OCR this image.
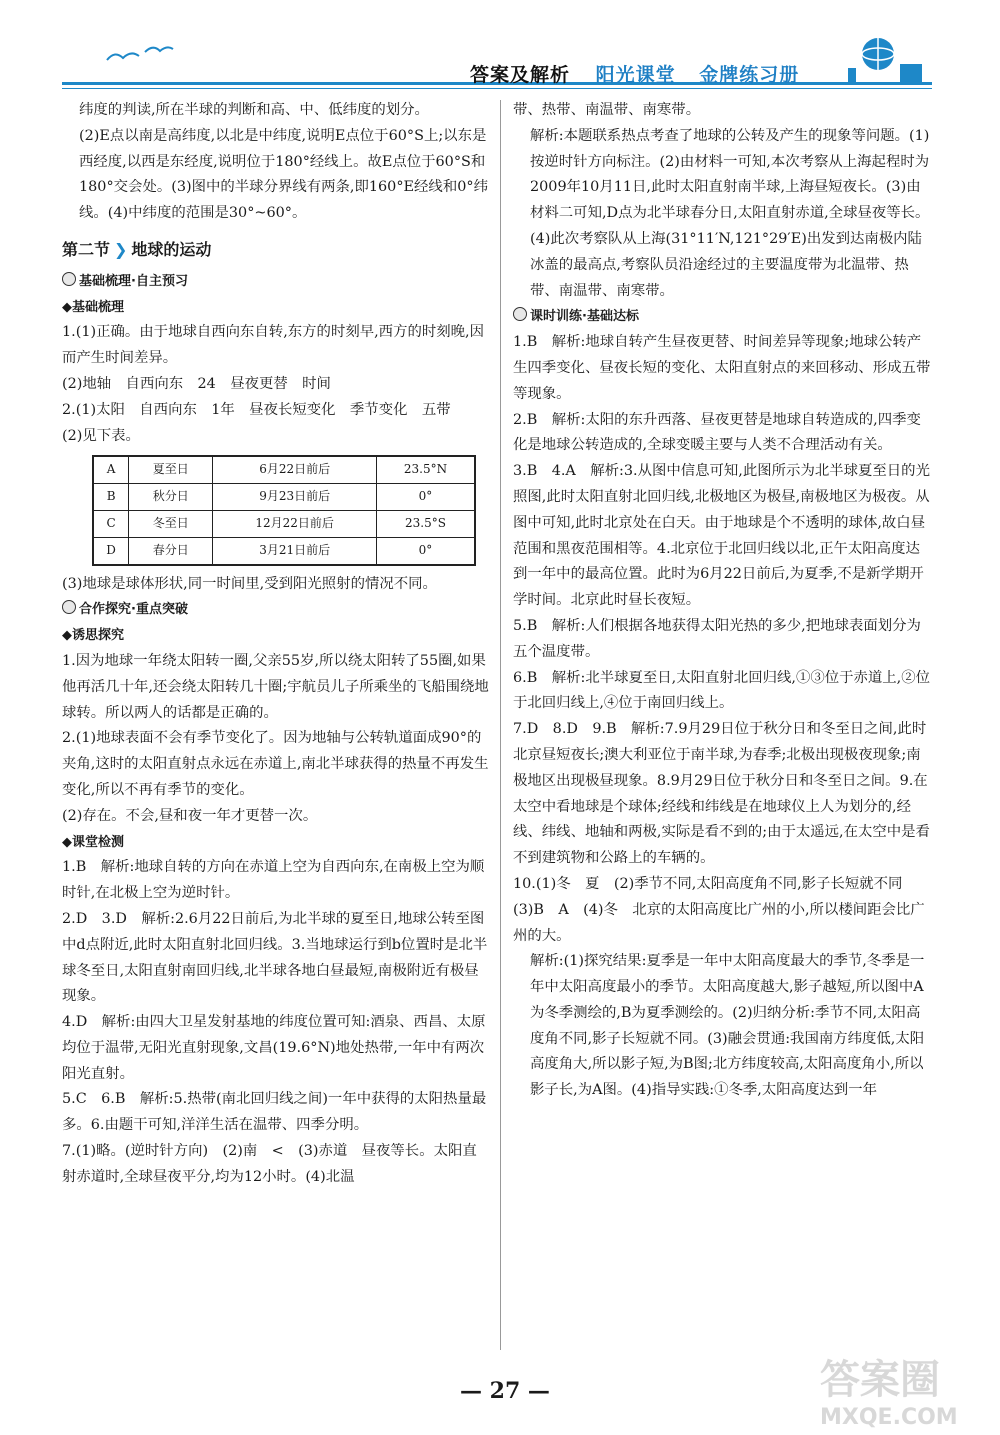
答案及解析 阳光课堂 金牌练习册

纬度的判读,所在半球的判断和高、中、低纬度的划分。

(2)E点以南是高纬度,以北是中纬度,说明E点位于60°S上;以东是西经度,以西是东经度,说明位于180°经线上。故E点位于60°S和180°交会处。(3)图中的半球分界线有两条,即160°E经线和0°纬线。(4)中纬度的范围是30°~60°。

第二节 ❯ 地球的运动

基础梳理·自主预习

◆基础梳理

1.(1)正确。由于地球自西向东自转,东方的时刻早,西方的时刻晚,因而产生时间差异。

(2)地轴　自西向东　24　昼夜更替　时间

2.(1)太阳　自西向东　1年　昼夜长短变化　季节变化　五带

(2)见下表。

A	夏至日	6月22日前后	23.5°N
B	秋分日	9月23日前后	0°
C	冬至日	12月22日前后	23.5°S
D	春分日	3月21日前后	0°

(3)地球是球体形状,同一时间里,受到阳光照射的情况不同。

合作探究·重点突破

◆诱思探究

1.因为地球一年绕太阳转一圈,父亲55岁,所以绕太阳转了55圈,如果他再活几十年,还会绕太阳转几十圈;宇航员儿子所乘坐的飞船围绕地球转。所以两人的话都是正确的。

2.(1)地球表面不会有季节变化了。因为地轴与公转轨道面成90°的夹角,这时的太阳直射点永远在赤道上,南北半球获得的热量不再发生变化,所以不再有季节的变化。

(2)存在。不会,昼和夜一年才更替一次。

◆课堂检测

1.B　解析:地球自转的方向在赤道上空为自西向东,在南极上空为顺时针,在北极上空为逆时针。

2.D　3.D　解析:2.6月22日前后,为北半球的夏至日,地球公转至图中d点附近,此时太阳直射北回归线。3.当地球运行到b位置时是北半球冬至日,太阳直射南回归线,北半球各地白昼最短,南极附近有极昼现象。

4.D　解析:由四大卫星发射基地的纬度位置可知:酒泉、西昌、太原均位于温带,无阳光直射现象,文昌(19.6°N)地处热带,一年中有两次阳光直射。

5.C　6.B　解析:5.热带(南北回归线之间)一年中获得的太阳热量最多。6.由题干可知,洋洋生活在温带、四季分明。

7.(1)略。(逆时针方向)　(2)南　<　(3)赤道　昼夜等长。太阳直射赤道时,全球昼夜平分,均为12小时。(4)北温

带、热带、南温带、南寒带。

解析:本题联系热点考查了地球的公转及产生的现象等问题。(1)按逆时针方向标注。(2)由材料一可知,本次考察从上海起程时为2009年10月11日,此时太阳直射南半球,上海昼短夜长。(3)由材料二可知,D点为北半球春分日,太阳直射赤道,全球昼夜等长。(4)此次考察队从上海(31°11′N,121°29′E)出发到达南极内陆冰盖的最高点,考察队员沿途经过的主要温度带为北温带、热带、南温带、南寒带。

课时训练·基础达标

1.B　解析:地球自转产生昼夜更替、时间差异等现象;地球公转产生四季变化、昼夜长短的变化、太阳直射点的来回移动、形成五带等现象。

2.B　解析:太阳的东升西落、昼夜更替是地球自转造成的,四季变化是地球公转造成的,全球变暖主要与人类不合理活动有关。

3.B　4.A　解析:3.从图中信息可知,此图所示为北半球夏至日的光照图,此时太阳直射北回归线,北极地区为极昼,南极地区为极夜。从图中可知,此时北京处在白天。由于地球是个不透明的球体,故白昼范围和黑夜范围相等。4.北京位于北回归线以北,正午太阳高度达到一年中的最高位置。此时为6月22日前后,为夏季,不是新学期开学时间。北京此时昼长夜短。

5.B　解析:人们根据各地获得太阳光热的多少,把地球表面划分为五个温度带。

6.B　解析:北半球夏至日,太阳直射北回归线,①③位于赤道上,②位于北回归线上,④位于南回归线上。

7.D　8.D　9.B　解析:7.9月29日位于秋分日和冬至日之间,此时北京昼短夜长;澳大利亚位于南半球,为春季;北极出现极夜现象;南极地区出现极昼现象。8.9月29日位于秋分日和冬至日之间。9.在太空中看地球是个球体;经线和纬线是在地球仪上人为划分的,经线、纬线、地轴和两极,实际是看不到的;由于太遥远,在太空中是看不到建筑物和公路上的车辆的。

10.(1)冬　夏　(2)季节不同,太阳高度角不同,影子长短就不同　(3)B　A　(4)冬　北京的太阳高度比广州的小,所以楼间距会比广州的大。

解析:(1)探究结果:夏季是一年中太阳高度最大的季节,冬季是一年中太阳高度最小的季节。太阳高度越大,影子越短,所以图中A为冬季测绘的,B为夏季测绘的。(2)归纳分析:季节不同,太阳高度角不同,影子长短就不同。(3)融会贯通:我国南方纬度低,太阳高度角大,所以影子短,为B图;北方纬度较高,太阳高度角小,所以影子长,为A图。(4)指导实践:①冬季,太阳高度达到一年

— 27 —	答案圈
MXQE.COM
